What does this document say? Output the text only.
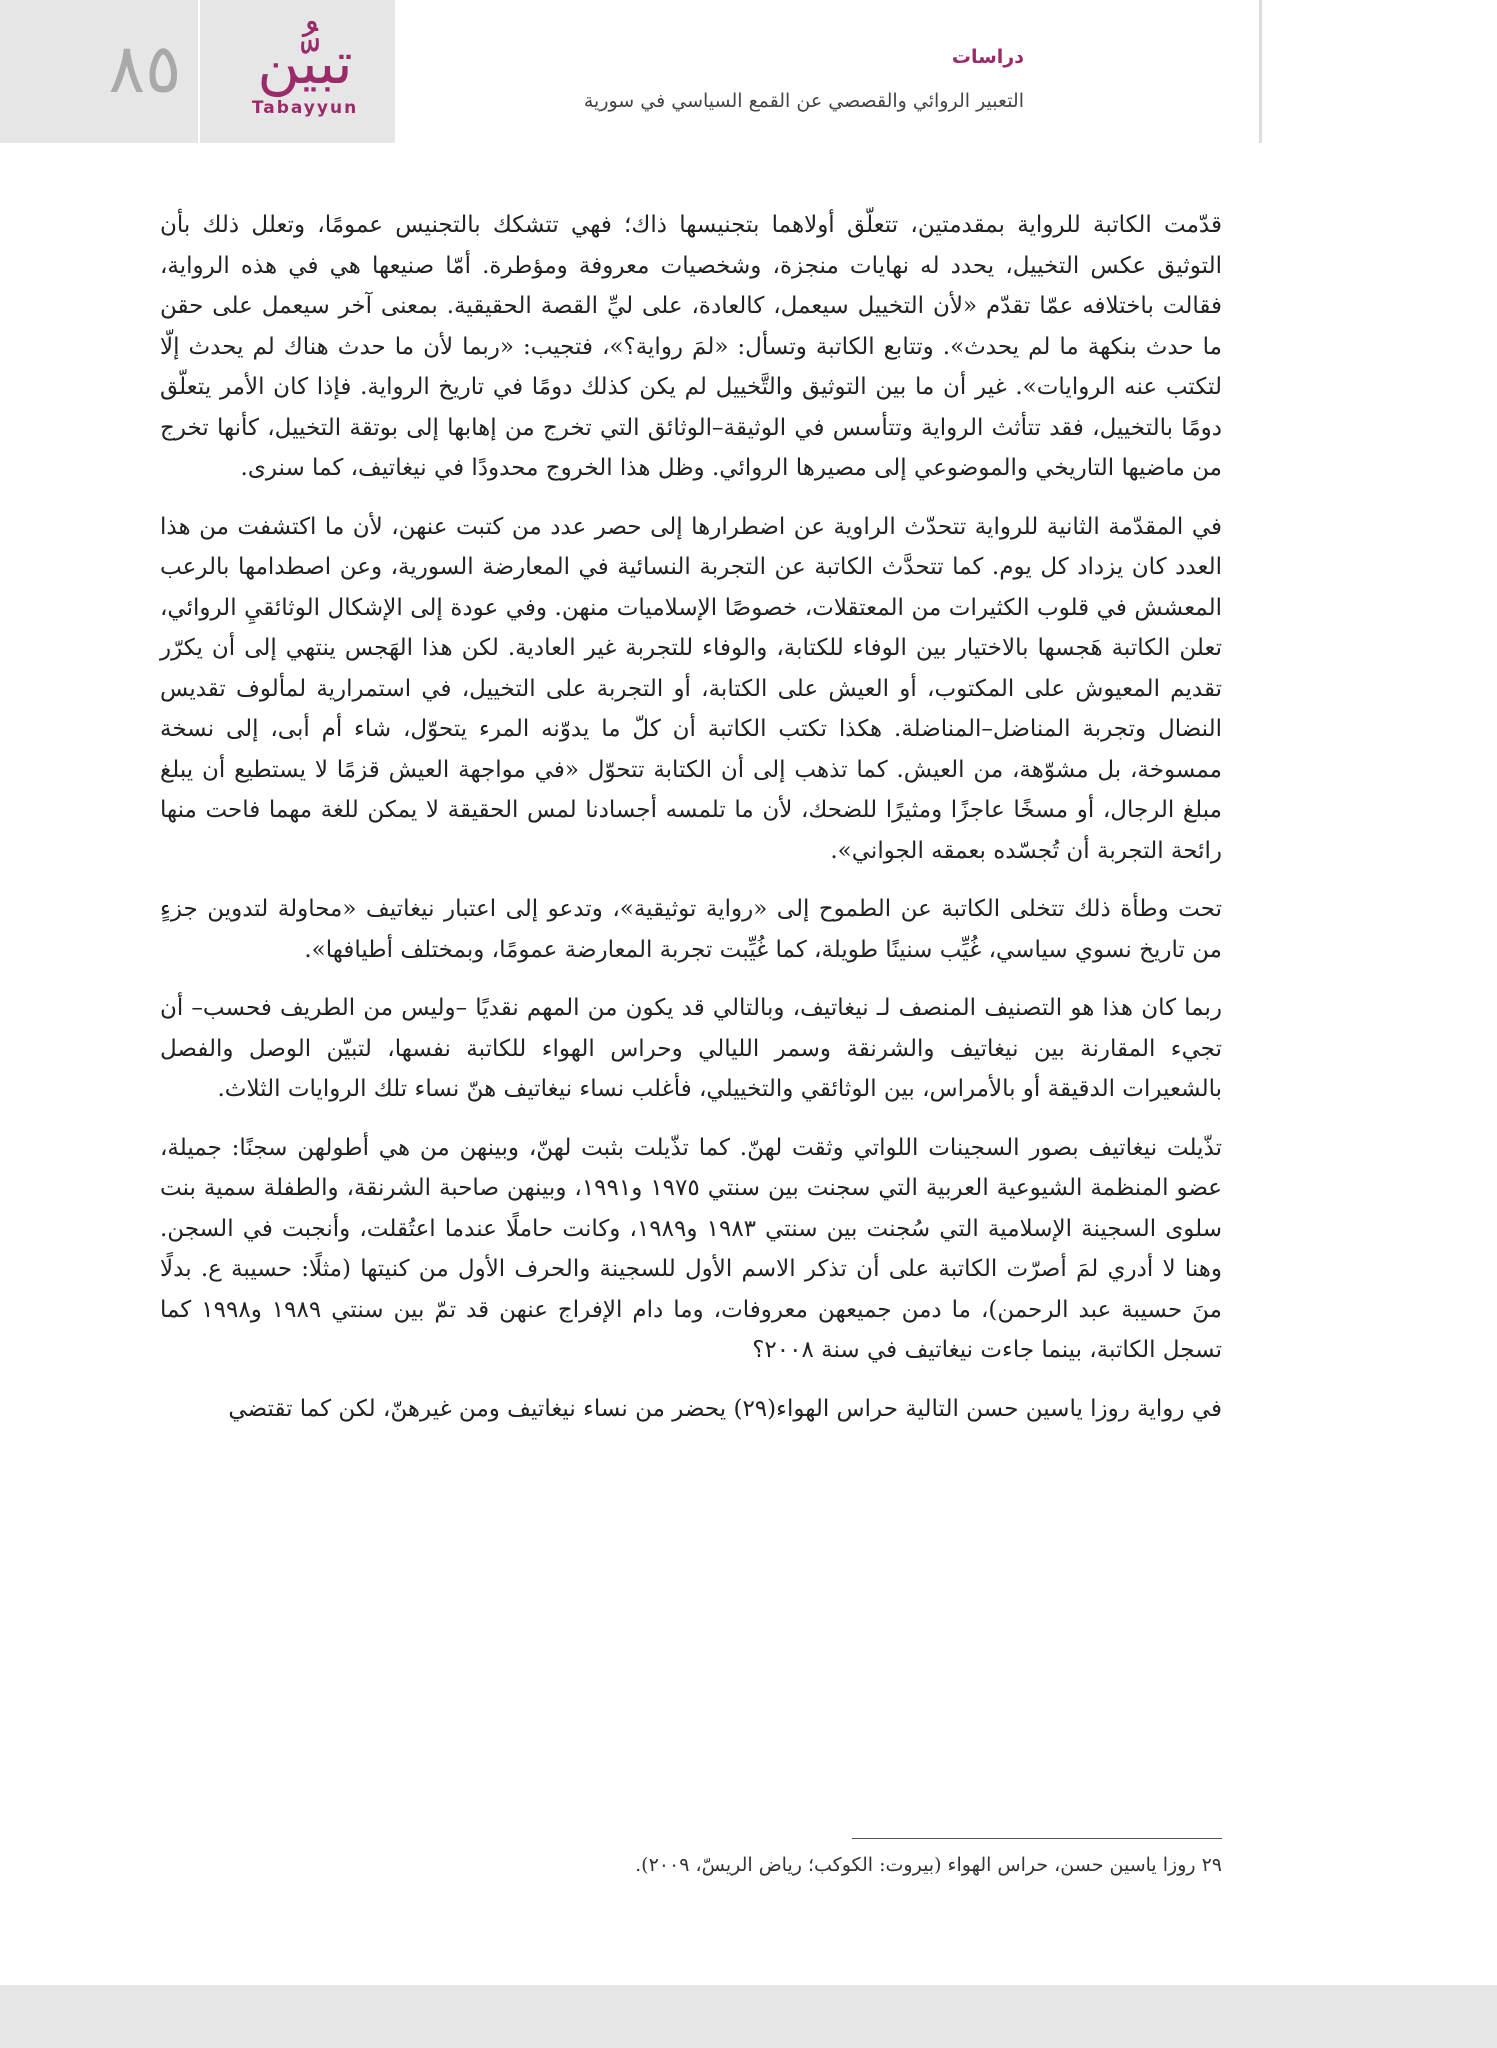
٨٥	تبيُّن
Tabayyun
دراسات
التعبير الروائي والقصصي عن القمع السياسي في سورية

قدّمت الكاتبة للرواية بمقدمتين، تتعلّق أولاهما بتجنيسها ذاك؛ فهي تتشكك بالتجنيس عمومًا، وتعلل ذلك بأن التوثيق عكس التخييل، يحدد له نهايات منجزة، وشخصيات معروفة ومؤطرة. أمّا صنيعها هي في هذه الرواية، فقالت باختلافه عمّا تقدّم «لأن التخييل سيعمل، كالعادة، على ليِّ القصة الحقيقية. بمعنى آخر سيعمل على حقن ما حدث بنكهة ما لم يحدث». وتتابع الكاتبة وتسأل: «لمَ رواية؟»، فتجيب: «ربما لأن ما حدث هناك لم يحدث إلّا لتكتب عنه الروايات». غير أن ما بين التوثيق والتَّخييل لم يكن كذلك دومًا في تاريخ الرواية. فإذا كان الأمر يتعلّق دومًا بالتخييل، فقد تتأثث الرواية وتتأسس في الوثيقة–الوثائق التي تخرج من إهابها إلى بوتقة التخييل، كأنها تخرج من ماضيها التاريخي والموضوعي إلى مصيرها الروائي. وظل هذا الخروج محدودًا في نيغاتيف، كما سنرى.

في المقدّمة الثانية للرواية تتحدّث الراوية عن اضطرارها إلى حصر عدد من كتبت عنهن، لأن ما اكتشفت من هذا العدد كان يزداد كل يوم. كما تتحدَّث الكاتبة عن التجربة النسائية في المعارضة السورية، وعن اصطدامها بالرعب المعشش في قلوب الكثيرات من المعتقلات، خصوصًا الإسلاميات منهن. وفي عودة إلى الإشكال الوثائقيِ الروائي، تعلن الكاتبة هَجسها بالاختيار بين الوفاء للكتابة، والوفاء للتجربة غير العادية. لكن هذا الهَجس ينتهي إلى أن يكرّر تقديم المعيوش على المكتوب، أو العيش على الكتابة، أو التجربة على التخييل، في استمرارية لمألوف تقديس النضال وتجربة المناضل–المناضلة. هكذا تكتب الكاتبة أن كلّ ما يدوّنه المرء يتحوّل، شاء أم أبى، إلى نسخة ممسوخة، بل مشوّهة، من العيش. كما تذهب إلى أن الكتابة تتحوّل «في مواجهة العيش قزمًا لا يستطيع أن يبلغ مبلغ الرجال، أو مسخًا عاجزًا ومثيرًا للضحك، لأن ما تلمسه أجسادنا لمس الحقيقة لا يمكن للغة مهما فاحت منها رائحة التجربة أن تُجسّده بعمقه الجواني».

تحت وطأة ذلك تتخلى الكاتبة عن الطموح إلى «رواية توثيقية»، وتدعو إلى اعتبار نيغاتيف «محاولة لتدوين جزءٍ من تاريخ نسوي سياسي، غُيِّب سنينًا طويلة، كما غُيِّبت تجربة المعارضة عمومًا، وبمختلف أطيافها».

ربما كان هذا هو التصنيف المنصف لـ نيغاتيف، وبالتالي قد يكون من المهم نقديًا –وليس من الطريف فحسب– أن تجيء المقارنة بين نيغاتيف والشرنقة وسمر الليالي وحراس الهواء للكاتبة نفسها، لتبيّن الوصل والفصل بالشعيرات الدقيقة أو بالأمراس، بين الوثائقي والتخييلي، فأغلب نساء نيغاتيف هنّ نساء تلك الروايات الثلاث.

تذّيلت نيغاتيف بصور السجينات اللواتي وثقت لهنّ. كما تذّيلت بثبت لهنّ، وبينهن من هي أطولهن سجنًا: جميلة، عضو المنظمة الشيوعية العربية التي سجنت بين سنتي ١٩٧٥ و١٩٩١، وبينهن صاحبة الشرنقة، والطفلة سمية بنت سلوى السجينة الإسلامية التي سُجنت بين سنتي ١٩٨٣ و١٩٨٩، وكانت حاملًا عندما اعتُقلت، وأنجبت في السجن. وهنا لا أدري لمَ أصرّت الكاتبة على أن تذكر الاسم الأول للسجينة والحرف الأول من كنيتها (مثلًا: حسيبة ع. بدلًا منَ حسيبة عبد الرحمن)، ما دمن جميعهن معروفات، وما دام الإفراج عنهن قد تمّ بين سنتي ١٩٨٩ و١٩٩٨ كما تسجل الكاتبة، بينما جاءت نيغاتيف في سنة ٢٠٠٨؟

في رواية روزا ياسين حسن التالية حراس الهواء(٢٩) يحضر من نساء نيغاتيف ومن غيرهنّ، لكن كما تقتضي

٢٩ روزا ياسين حسن، حراس الهواء (بيروت: الكوكب؛ رياض الريسّ، ٢٠٠٩).
